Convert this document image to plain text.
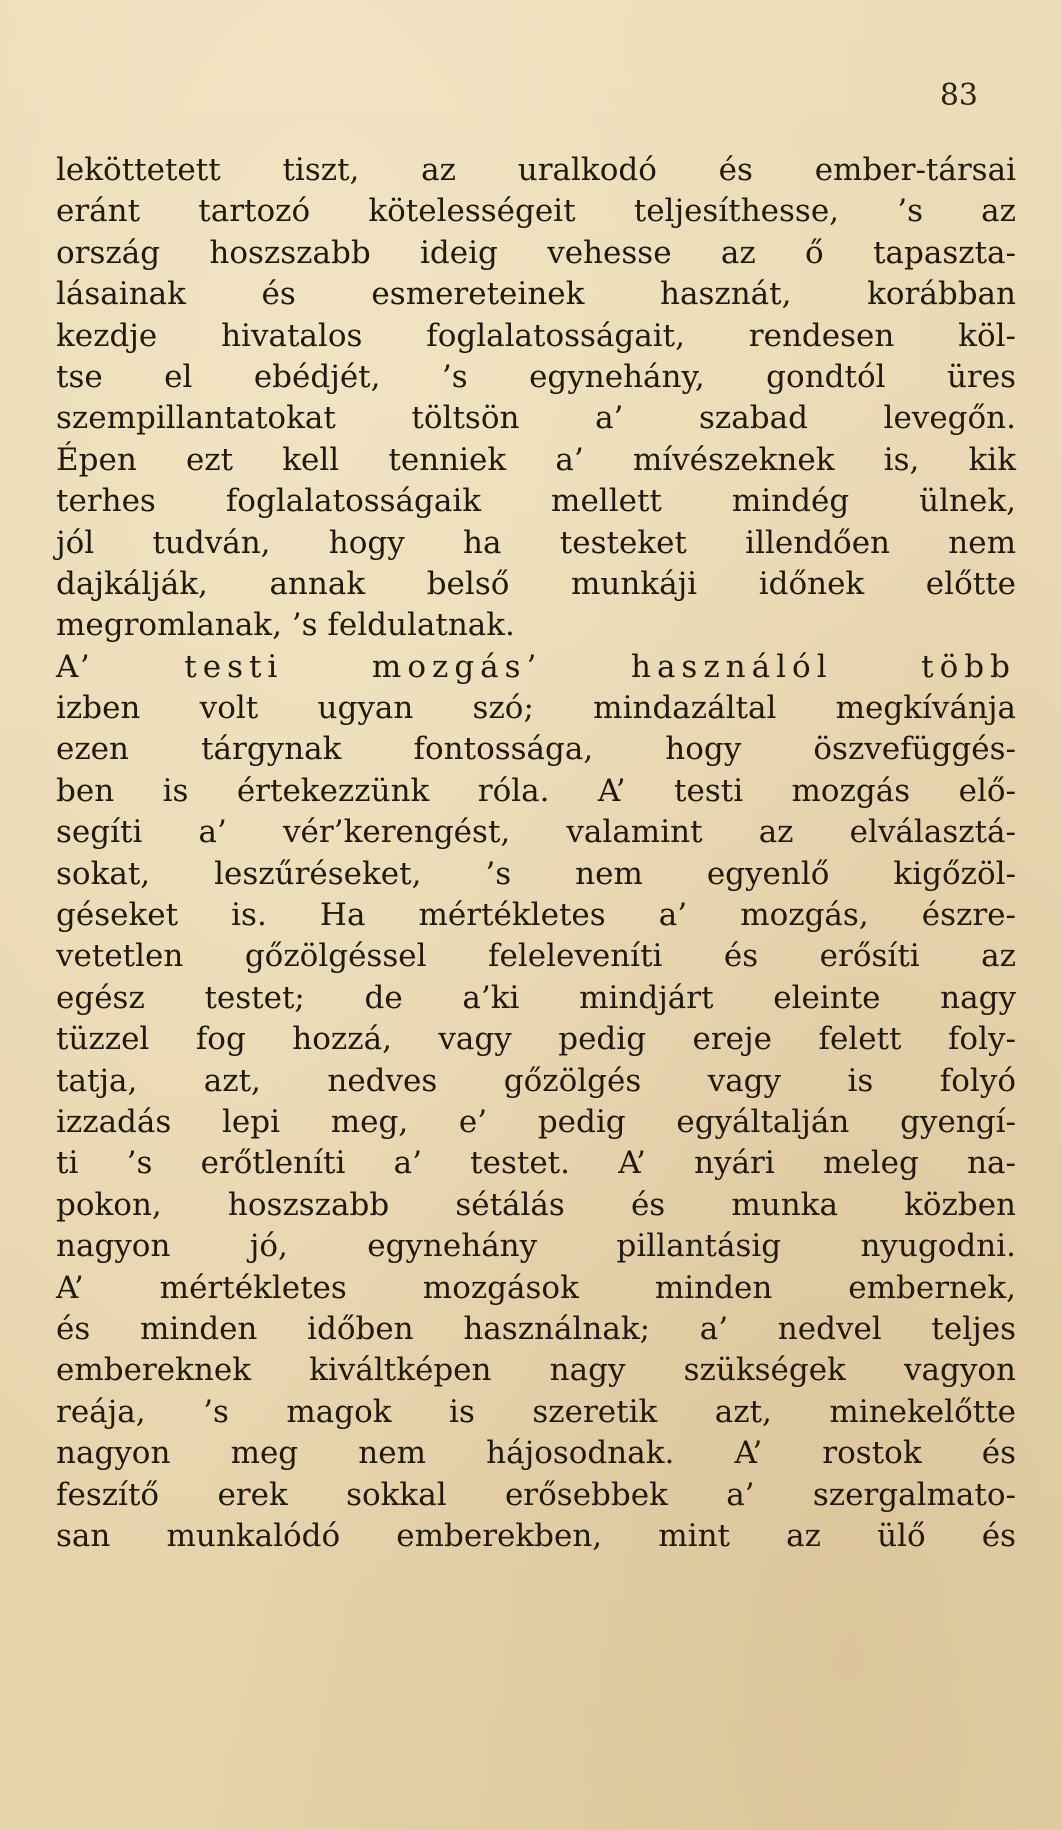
83
leköttetett tiszt, az uralkodó és ember-társai
eránt tartozó kötelességeit teljesíthesse, ’s az
ország hoszszabb ideig vehesse az ő tapaszta-
lásainak és esmereteinek hasznát, korábban
kezdje hivatalos foglalatosságait, rendesen köl-
tse el ebédjét, ’s egynehány, gondtól üres
szempillantatokat töltsön a’ szabad levegőn.
Épen ezt kell tenniek a’ mívészeknek is, kik
terhes foglalatosságaik mellett mindég ülnek,
jól tudván, hogy ha testeket illendően nem
dajkálják, annak belső munkáji időnek előtte
megromlanak, ’s feldulatnak.
A’ testi mozgás’ használól több
izben volt ugyan szó; mindazáltal megkívánja
ezen tárgynak fontossága, hogy öszvefüggés-
ben is értekezzünk róla. A’ testi mozgás elő-
segíti a’ vér’kerengést, valamint az elválasztá-
sokat, leszűréseket, ’s nem egyenlő kigőzöl-
géseket is. Ha mértékletes a’ mozgás, észre-
vetetlen gőzölgéssel feleleveníti és erősíti az
egész testet; de a’ki mindjárt eleinte nagy
tüzzel fog hozzá, vagy pedig ereje felett foly-
tatja, azt, nedves gőzölgés vagy is folyó
izzadás lepi meg, e’ pedig egyáltalján gyengí-
ti ’s erőtleníti a’ testet. A’ nyári meleg na-
pokon, hoszszabb sétálás és munka közben
nagyon jó, egynehány pillantásig nyugodni.
A’ mértékletes mozgások minden embernek,
és minden időben használnak; a’ nedvel teljes
embereknek kiváltképen nagy szükségek vagyon
reája, ’s magok is szeretik azt, minekelőtte
nagyon meg nem hájosodnak. A’ rostok és
feszítő erek sokkal erősebbek a’ szergalmato-
san munkalódó emberekben, mint az ülő és
